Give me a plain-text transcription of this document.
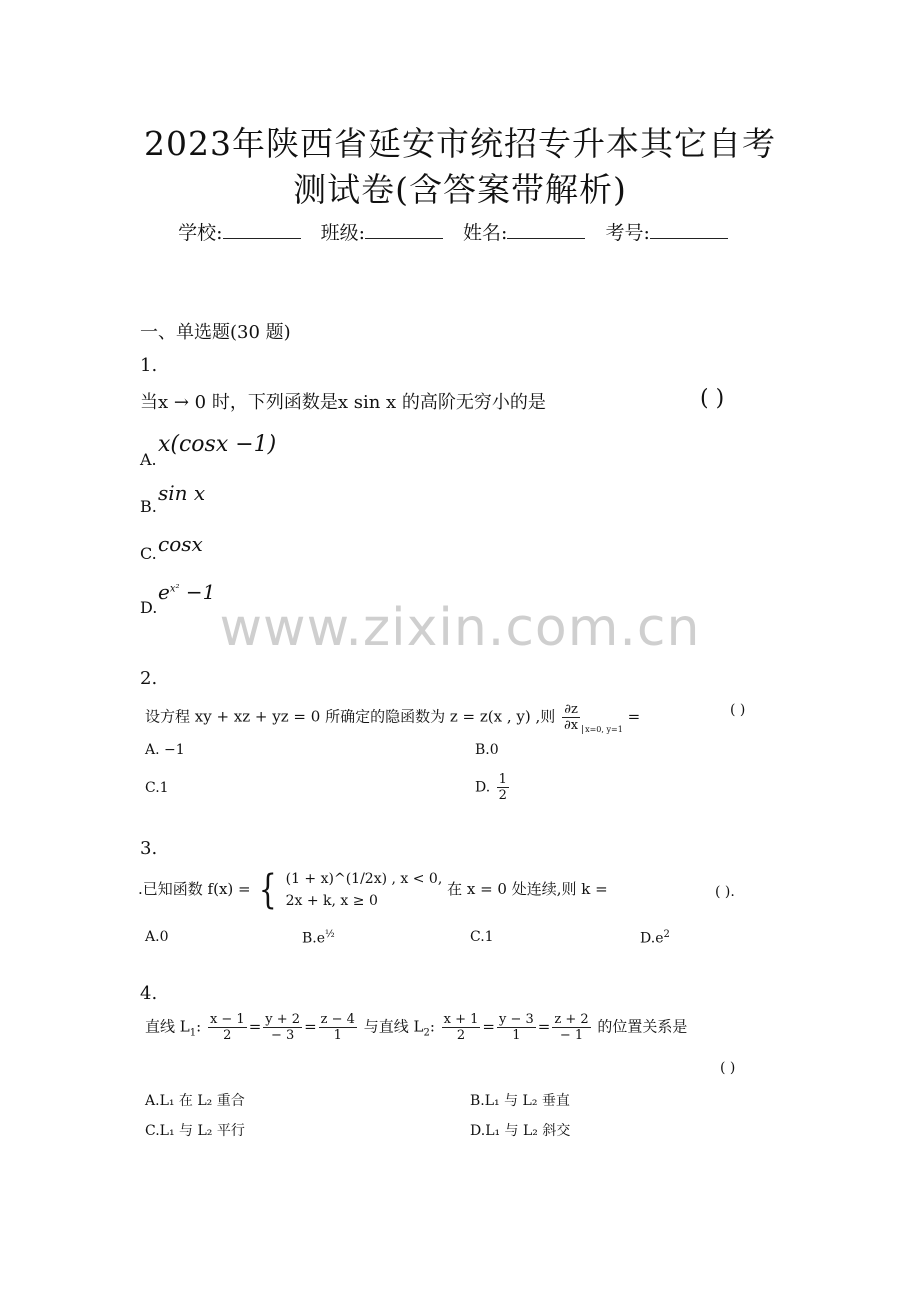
2023年陕西省延安市统招专升本其它自考
测试卷(含答案带解析)
学校:	班级:	姓名:	考号:
一、单选题(30 题)
1.
当x → 0 时，下列函数是x sin x 的高阶无穷小的是	( )
A.
x(cosx −1)
B.
sin x
C. cosx
D.
$e^{x^2} -1$
www.zixin.com.cn
2.
设方程 xy + xz + yz = 0 所确定的隐函数为 z = z(x , y) ,则 $\frac{\partial z}{\partial x} _{x=0, y=1}$ =	( )
A. −1	B.0
C.1	D. $\frac{1}{2}$
3.
.已知函数 f(x) = { (1 + x)^(1/2x) , x < 0,
2x + k, x ≥ 0
在 x = 0 处连续,则 k =	( ).
A.0	$B.e^{\frac{1}{2}}$	C.1	$D.e^2$
4.
直线 $L_1$: $\frac{x - 1}{2} = \frac{y + 2}{- 3} = \frac{z - 4}{1}$ 与直线 $L_2$: $\frac{x + 1}{2} = \frac{y - 3}{1} = \frac{z + 2}{- 1}$ 的位置关系是
( )
A.L₁ 在 L₂ 重合	B.L₁ 与 L₂ 垂直
C.L₁ 与 L₂ 平行	D.L₁ 与 L₂ 斜交
